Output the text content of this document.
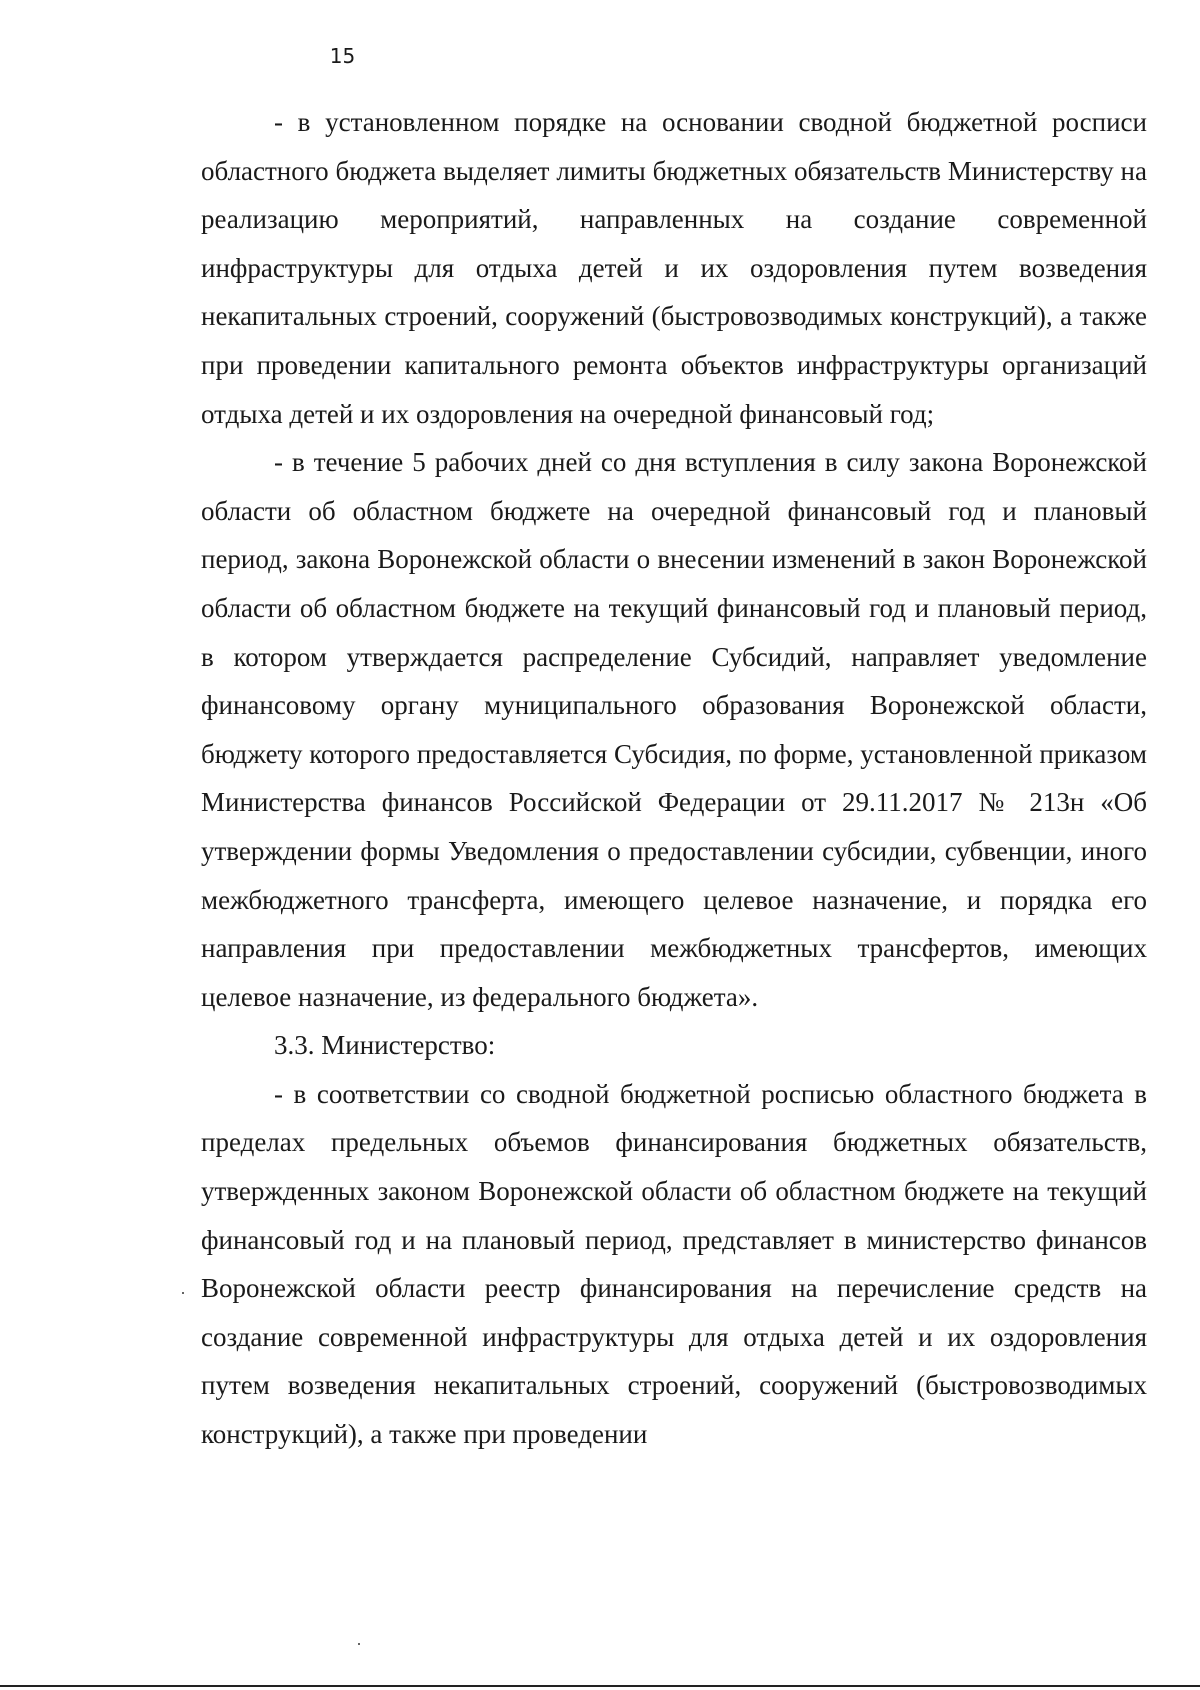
15

- в установленном порядке на основании сводной бюджетной росписи областного бюджета выделяет лимиты бюджетных обязательств Министерству на реализацию мероприятий, направленных на создание современной инфраструктуры для отдыха детей и их оздоровления путем возведения некапитальных строений, сооружений (быстровозводимых конструкций), а также при проведении капитального ремонта объектов инфраструктуры организаций отдыха детей и их оздоровления на очередной финансовый год;

- в течение 5 рабочих дней со дня вступления в силу закона Воронежской области об областном бюджете на очередной финансовый год и плановый период, закона Воронежской области о внесении изменений в закон Воронежской области об областном бюджете на текущий финансовый год и плановый период, в котором утверждается распределение Субсидий, направляет уведомление финансовому органу муниципального образования Воронежской области, бюджету которого предоставляется Субсидия, по форме, установленной приказом Министерства финансов Российской Федерации от 29.11.2017 № 213н «Об утверждении формы Уведомления о предоставлении субсидии, субвенции, иного межбюджетного трансферта, имеющего целевое назначение, и порядка его направления при предоставлении межбюджетных трансфертов, имеющих целевое назначение, из федерального бюджета».

3.3. Министерство:

- в соответствии со сводной бюджетной росписью областного бюджета в пределах предельных объемов финансирования бюджетных обязательств, утвержденных законом Воронежской области об областном бюджете на текущий финансовый год и на плановый период, представляет в министерство финансов Воронежской области реестр финансирования на перечисление средств на создание современной инфраструктуры для отдыха детей и их оздоровления путем возведения некапитальных строений, сооружений (быстровозводимых конструкций), а также при проведении
